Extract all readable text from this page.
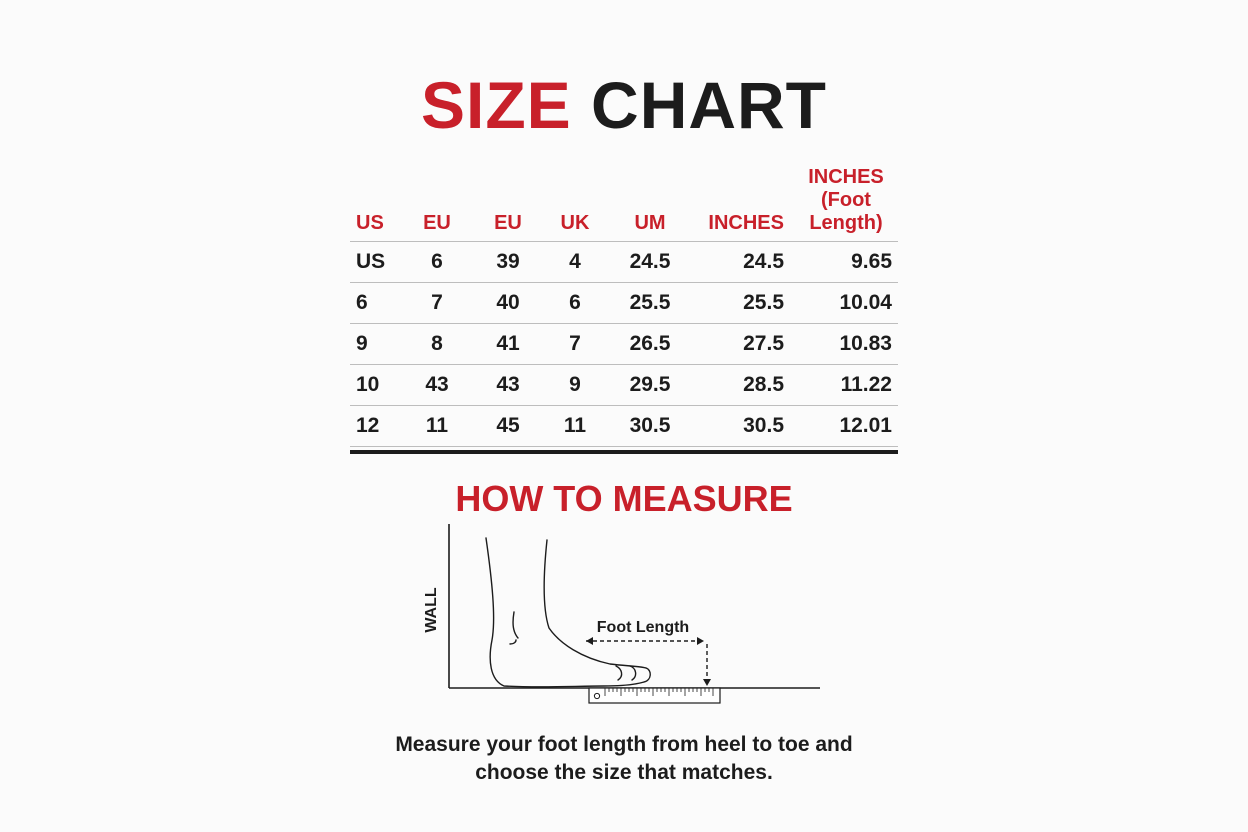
SIZE CHART
US	EU	EU	UK	UM	INCHES	INCHES
(Foot Length)
US	6	39	4	24.5	24.5	9.65
6	7	40	6	25.5	25.5	10.04
9	8	41	7	26.5	27.5	10.83
10	43	43	9	29.5	28.5	11.22
12	11	45	11	30.5	30.5	12.01
HOW TO MEASURE
WALL	Foot Length
Measure your foot length from heel to toe and
choose the size that matches.
